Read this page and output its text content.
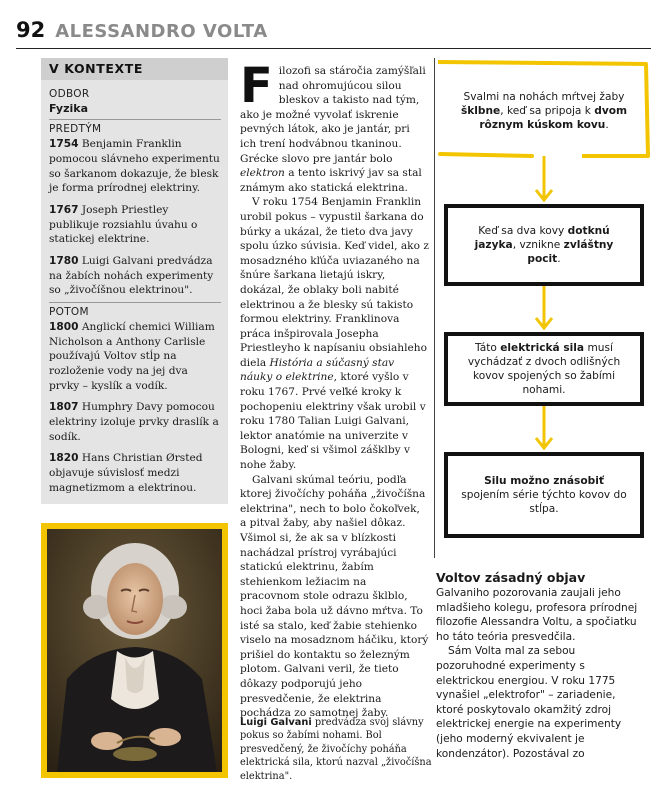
92 ALESSANDRO VOLTA
V KONTEXTE

ODBOR

Fyzika

PREDTÝM

1754 Benjamin Franklin pomocou slávneho experimentu so šarkanom dokazuje, že blesk je forma prírodnej elektriny.

1767 Joseph Priestley publikuje rozsiahlu úvahu o statickej elektrine.

1780 Luigi Galvani predvádza na žabích nohách experimenty so „živočíšnou elektrinou".

POTOM

1800 Anglickí chemici William Nicholson a Anthony Carlisle používajú Voltov stĺp na rozloženie vody na jej dva prvky – kyslík a vodík.

1807 Humphry Davy pomocou elektriny izoluje prvky draslík a sodík.

1820 Hans Christian Ørsted objavuje súvislosť medzi magnetizmom a elektrinou.

Filozofi sa stáročia zamýšľali nad ohromujúcou silou bleskov a takisto nad tým, ako je možné vyvolať iskrenie pevných látok, ako je jantár, pri ich trení hodvábnou tkaninou. Grécke slovo pre jantár bolo elektron a tento iskrivý jav sa stal známym ako statická elektrina.

V roku 1754 Benjamin Franklin urobil pokus – vypustil šarkana do búrky a ukázal, že tieto dva javy spolu úzko súvisia. Keď videl, ako z mosadzného kľúča uviazaného na šnúre šarkana lietajú iskry, dokázal, že oblaky boli nabité elektrinou a že blesky sú takisto formou elektriny. Franklinova práca inšpirovala Josepha Priestleyho k napísaniu obsiahleho diela História a súčasný stav náuky o elektrine, ktoré vyšlo v roku 1767. Prvé veľké kroky k pochopeniu elektriny však urobil v roku 1780 Talian Luigi Galvani, lektor anatómie na univerzite v Bologni, keď si všimol zášklby v nohe žaby.

Galvani skúmal teóriu, podľa ktorej živočíchy poháňa „živočíšna elektrina", nech to bolo čokoľvek, a pitval žaby, aby našiel dôkaz. Všimol si, že ak sa v blízkosti nachádzal prístroj vyrábajúci statickú elektrinu, žabím stehienkom ležiacim na pracovnom stole odrazu šklblo, hoci žaba bola už dávno mŕtva. To isté sa stalo, keď žabie stehienko viselo na mosadznom háčiku, ktorý prišiel do kontaktu so železným plotom. Galvani veril, že tieto dôkazy podporujú jeho presvedčenie, že elektrina pochádza zo samotnej žaby.

Luigi Galvani predvádza svoj slávny pokus so žabími nohami. Bol presvedčený, že živočíchy poháňa elektrická sila, ktorú nazval „živočíšna elektrina".
Svalmi na nohách mŕtvej žaby šklbne, keď sa pripoja k dvom rôznym kúskom kovu.
Keď sa dva kovy dotknú jazyka, vznikne zvláštny pocit.
Táto elektrická sila musí vychádzať z dvoch odlišných kovov spojených so žabími nohami.
Silu možno znásobiť spojením série týchto kovov do stĺpa.
Voltov zásadný objav

Galvaniho pozorovania zaujali jeho mladšieho kolegu, profesora prírodnej filozofie Alessandra Voltu, a spočiatku ho táto teória presvedčila.

Sám Volta mal za sebou pozoruhodné experimenty s elektrickou energiou. V roku 1775 vynašiel „elektrofor" – zariadenie, ktoré poskytovalo okamžitý zdroj elektrickej energie na experimenty (jeho moderný ekvivalent je kondenzátor). Pozostával zo
